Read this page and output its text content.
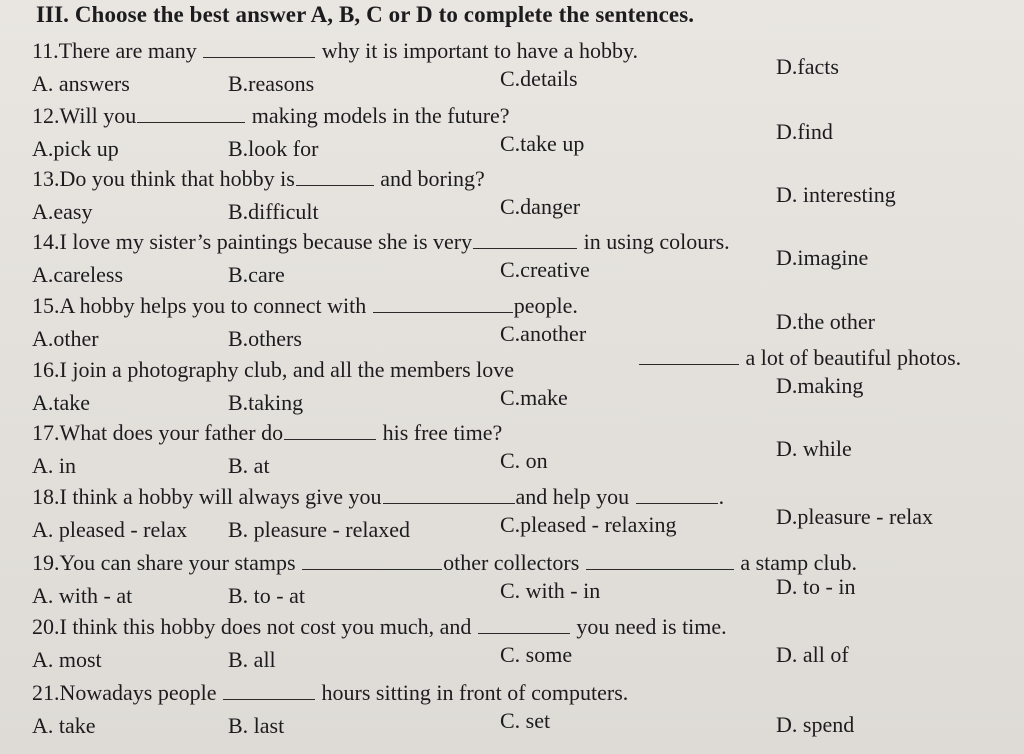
III. Choose the best answer A, B, C or D to complete the sentences.
11.There are many	why it is important to have a hobby.
A. answers	B.reasons	C.details	D.facts
12.Will you	making models in the future?
A.pick up	B.look for	C.take up	D.find
13.Do you think that hobby is	and boring?
A.easy	B.difficult	C.danger	D. interesting
14.I love my sister’s paintings because she is very	in using colours.
A.careless	B.care	C.creative	D.imagine
15.A hobby helps you to connect with	people.
A.other	B.others	C.another	D.the other
16.I join a photography club, and all the members love	a lot of beautiful photos.
A.take	B.taking	C.make	D.making
17.What does your father do	his free time?
A. in	B. at	C. on	D. while
18.I think a hobby will always give you	and help you	.
A. pleased - relax B. pleasure - relaxed	C.pleased - relaxing	D.pleasure - relax
19.You can share your stamps	other collectors	a stamp club.
A. with - at	B. to - at	C. with - in	D. to - in
20.I think this hobby does not cost you much, and	you need is time.
A. most	B. all	C. some	D. all of
21.Nowadays people	hours sitting in front of computers.
A. take	B. last	C. set	D. spend
